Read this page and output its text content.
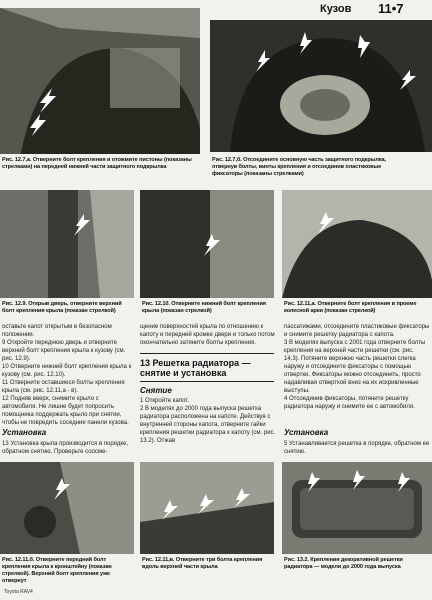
Кузов 11•7
Рис. 12.7,а. Отверните болт крепления и отожмите пистоны (показаны стрелками) на передней нижней части защитного подкрылка
Рис. 12.7,б. Отсоедините основную часть защитного подкрылка, отвернув болты, винты крепления и отсоединив пластиковые фиксаторы (показаны стрелками)
Рис. 12.9. Открыв дверь, отверните верхний болт крепления крыла (показан стрелкой)
Рис. 12.10. Отверните нижний болт крепления крыла (показан стрелкой)
Рис. 12.11,а. Отверните болт крепления в проеме колесной арки (показан стрелкой)
оставьте капот открытым в безопасном положении.
9 Откройте переднюю дверь и отверните верхний болт крепления крыла к кузову (см. рис. 12.9).
10 Отверните нижний болт крепления крыла к кузову (см. рис. 12.10).
11 Отверните оставшиеся болты крепления крыла (см. рис. 12.11,а - в).
12 Подняв вверх, снимите крыло с автомобиля. Не лишне будет попросить помощника поддержать крыло при снятии, чтобы не повредить соседние панели кузова.
Установка
13 Установка крыла производится в порядке, обратном снятию. Проверьте соосме-
щение поверхностей крыла по отношению к капоту и передней кромке двери и только потом окончательно затяните болты крепления.
13 Решетка радиатора — снятие и установка
Снятие
1 Откройте капот.
2 В моделях до 2000 года выпуска решетка радиатора расположена на капоте. Действуя с внутренней стороны капота, отверните гайки крепления решетки радиатора к капоту (см. рис. 13.2). Отжав
пассатижами, отсоедините пластиковые фиксаторы и снимите решетку радиатора с капота.
3 В моделях выпуска с 2001 года отверните болты крепления на верхней части решетки (см. рис. 14.3). Потяните верхнюю часть решетки слегка наружу и отсоедините фиксаторы с помощью отвертки. Фиксаторы можно отсоединить, просто надавливая отверткой вниз на их искривленные выступы.
4 Отсоединив фиксаторы, потяните решетку радиатора наружу и снимите ее с автомобиля.
Установка
5 Устанавливается решетка в порядке, обратном ее снятию.
Рис. 12.11,б. Отверните передний болт крепления крыла к кронштейну (показан стрелкой). Верхний болт крепления уже отвернут
Рис. 12.11,в. Отверните три болта крепления вдоль верхней части крыла
Рис. 13.2. Крепления декоративной решетки радиатора — модели до 2000 года выпуска
Toyota RAV4
